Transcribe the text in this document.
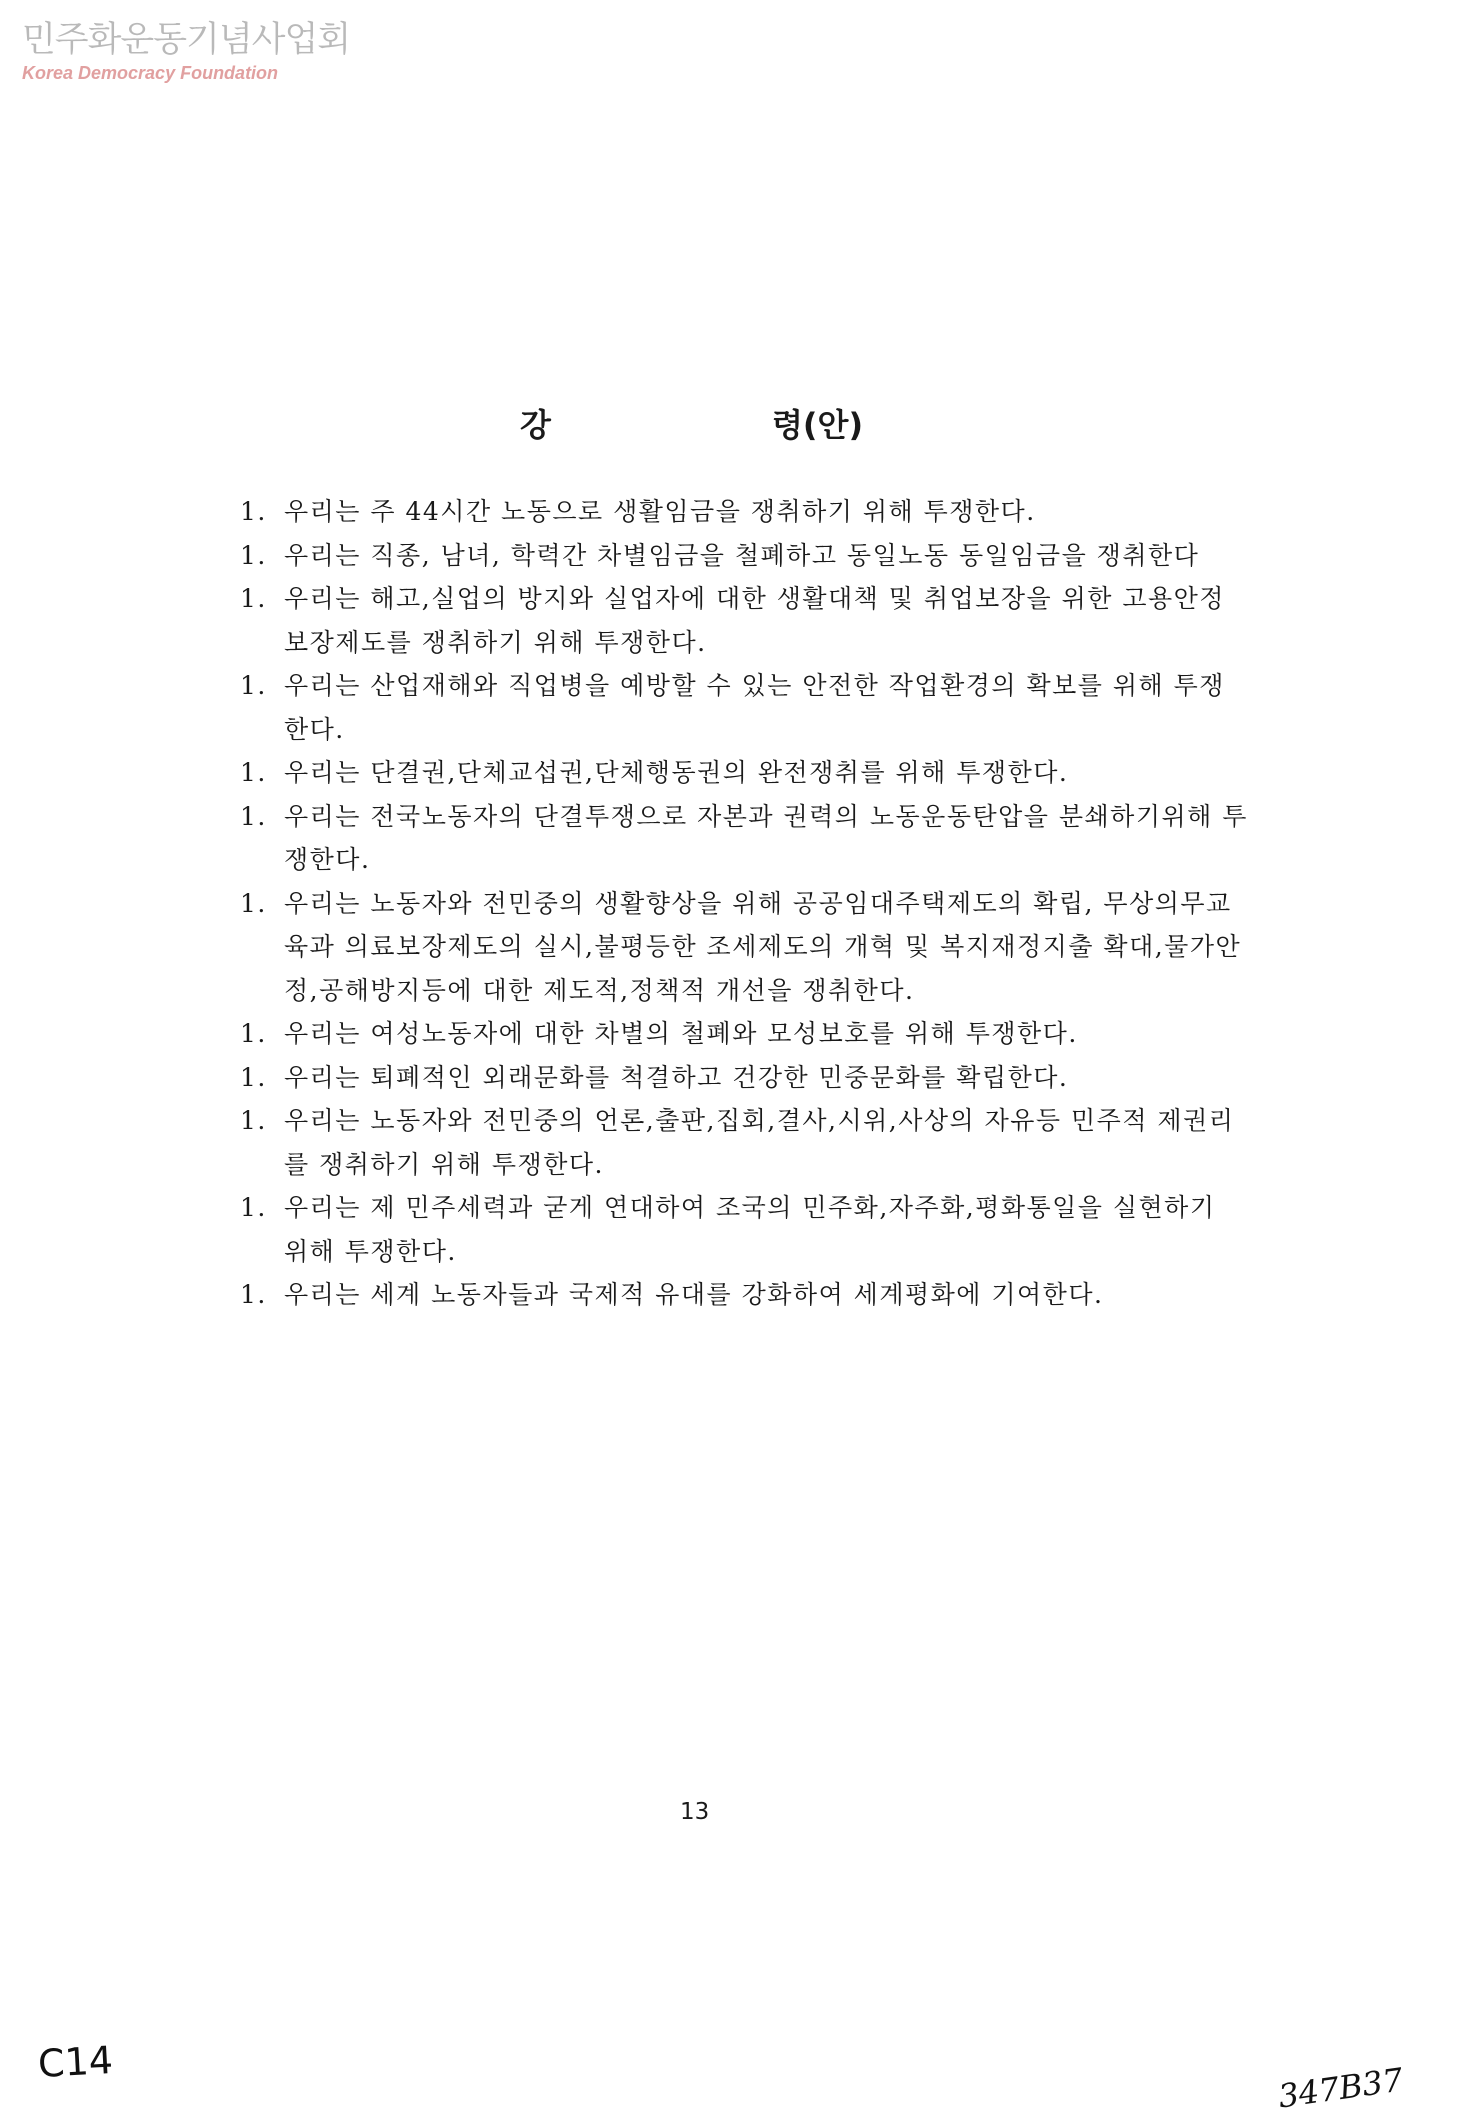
민주화운동기념사업회
Korea Democracy Foundation
강	령(안)
1. 우리는 주 44시간 노동으로 생활임금을 쟁취하기 위해 투쟁한다.
1. 우리는 직종, 남녀, 학력간 차별임금을 철폐하고 동일노동 동일임금을 쟁취한다
1. 우리는 해고,실업의 방지와 실업자에 대한 생활대책 및 취업보장을 위한 고용안정보장제도를 쟁취하기 위해 투쟁한다.
1. 우리는 산업재해와 직업병을 예방할 수 있는 안전한 작업환경의 확보를 위해 투쟁한다.
1. 우리는 단결권,단체교섭권,단체행동권의 완전쟁취를 위해 투쟁한다.
1. 우리는 전국노동자의 단결투쟁으로 자본과 권력의 노동운동탄압을 분쇄하기위해 투쟁한다.
1. 우리는 노동자와 전민중의 생활향상을 위해 공공임대주택제도의 확립, 무상의무교육과 의료보장제도의 실시,불평등한 조세제도의 개혁 및 복지재정지출 확대,물가안정,공해방지등에 대한 제도적,정책적 개선을 쟁취한다.
1. 우리는 여성노동자에 대한 차별의 철폐와 모성보호를 위해 투쟁한다.
1. 우리는 퇴폐적인 외래문화를 척결하고 건강한 민중문화를 확립한다.
1. 우리는 노동자와 전민중의 언론,출판,집회,결사,시위,사상의 자유등 민주적 제권리를 쟁취하기 위해 투쟁한다.
1. 우리는 제 민주세력과 굳게 연대하여 조국의 민주화,자주화,평화통일을 실현하기 위해 투쟁한다.
1. 우리는 세계 노동자들과 국제적 유대를 강화하여 세계평화에 기여한다.
13
C14	347B37
